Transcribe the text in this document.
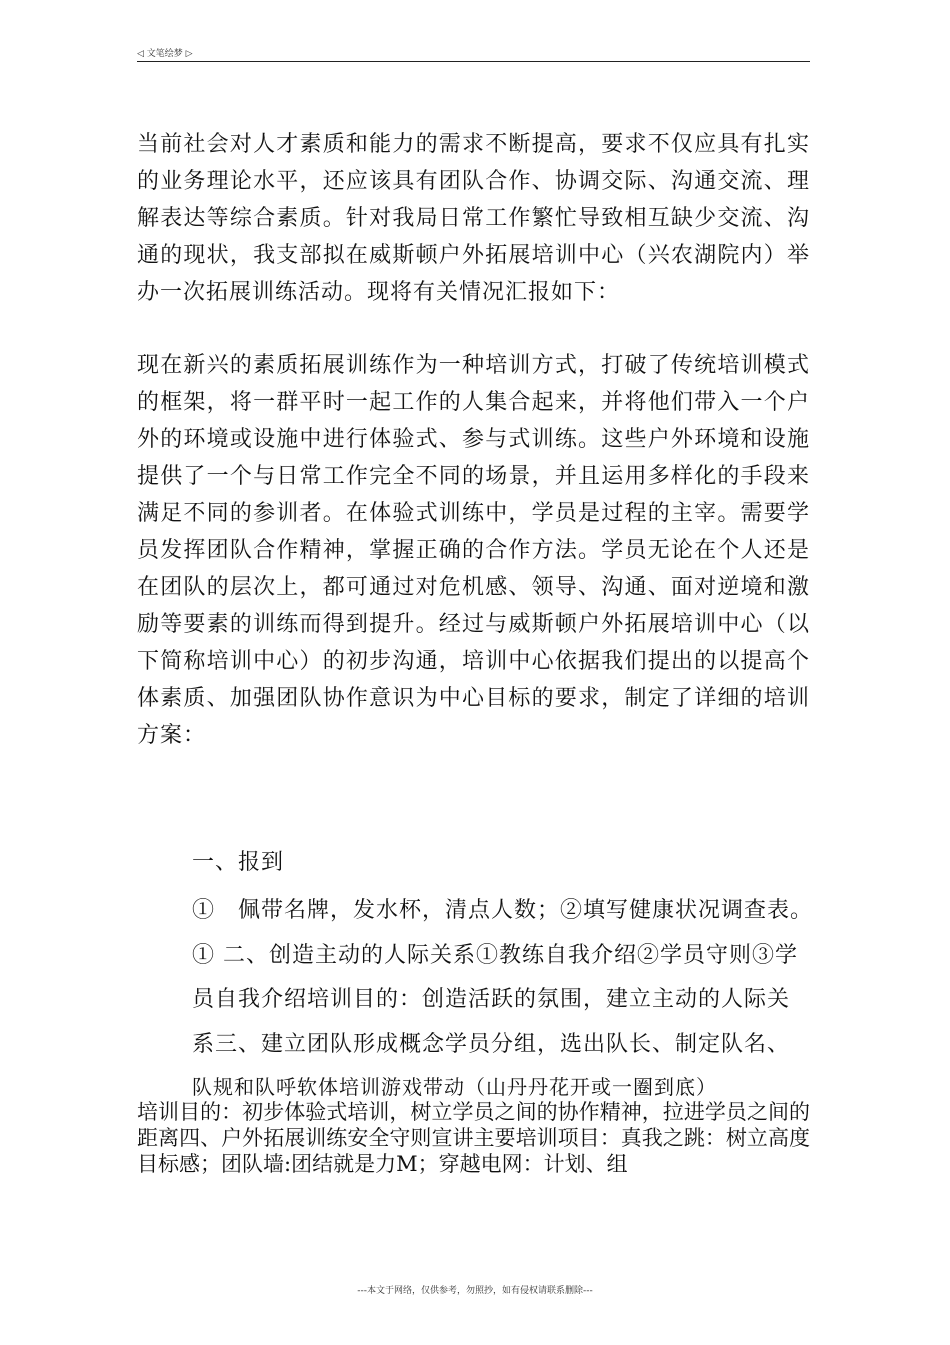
◁ 文笔绘梦 ▷

当前社会对人才素质和能力的需求不断提高，要求不仅应具有扎实的业务理论水平，还应该具有团队合作、协调交际、沟通交流、理解表达等综合素质。针对我局日常工作繁忙导致相互缺少交流、沟通的现状，我支部拟在威斯顿户外拓展培训中心（兴农湖院内）举办一次拓展训练活动。现将有关情况汇报如下：

现在新兴的素质拓展训练作为一种培训方式，打破了传统培训模式的框架，将一群平时一起工作的人集合起来，并将他们带入一个户外的环境或设施中进行体验式、参与式训练。这些户外环境和设施提供了一个与日常工作完全不同的场景，并且运用多样化的手段来满足不同的参训者。在体验式训练中，学员是过程的主宰。需要学员发挥团队合作精神，掌握正确的合作方法。学员无论在个人还是在团队的层次上，都可通过对危机感、领导、沟通、面对逆境和激励等要素的训练而得到提升。经过与威斯顿户外拓展培训中心（以下简称培训中心）的初步沟通，培训中心依据我们提出的以提高个体素质、加强团队协作意识为中心目标的要求，制定了详细的培训方案：

一、报到
①　佩带名牌，发水杯，清点人数；②填写健康状况调查表。
① 二、创造主动的人际关系①教练自我介绍②学员守则③学
员自我介绍培训目的：创造活跃的氛围，建立主动的人际关
系三、建立团队形成概念学员分组，选出队长、制定队名、
队规和队呼软体培训游戏带动（山丹丹花开或一圈到底）

培训目的：初步体验式培训，树立学员之间的协作精神，拉进学员之间的距离四、户外拓展训练安全守则宣讲主要培训项目：真我之跳：树立高度目标感；团队墙:团结就是力M；穿越电网：计划、组

---本文于网络，仅供参考，勿照抄，如有侵权请联系删除---
